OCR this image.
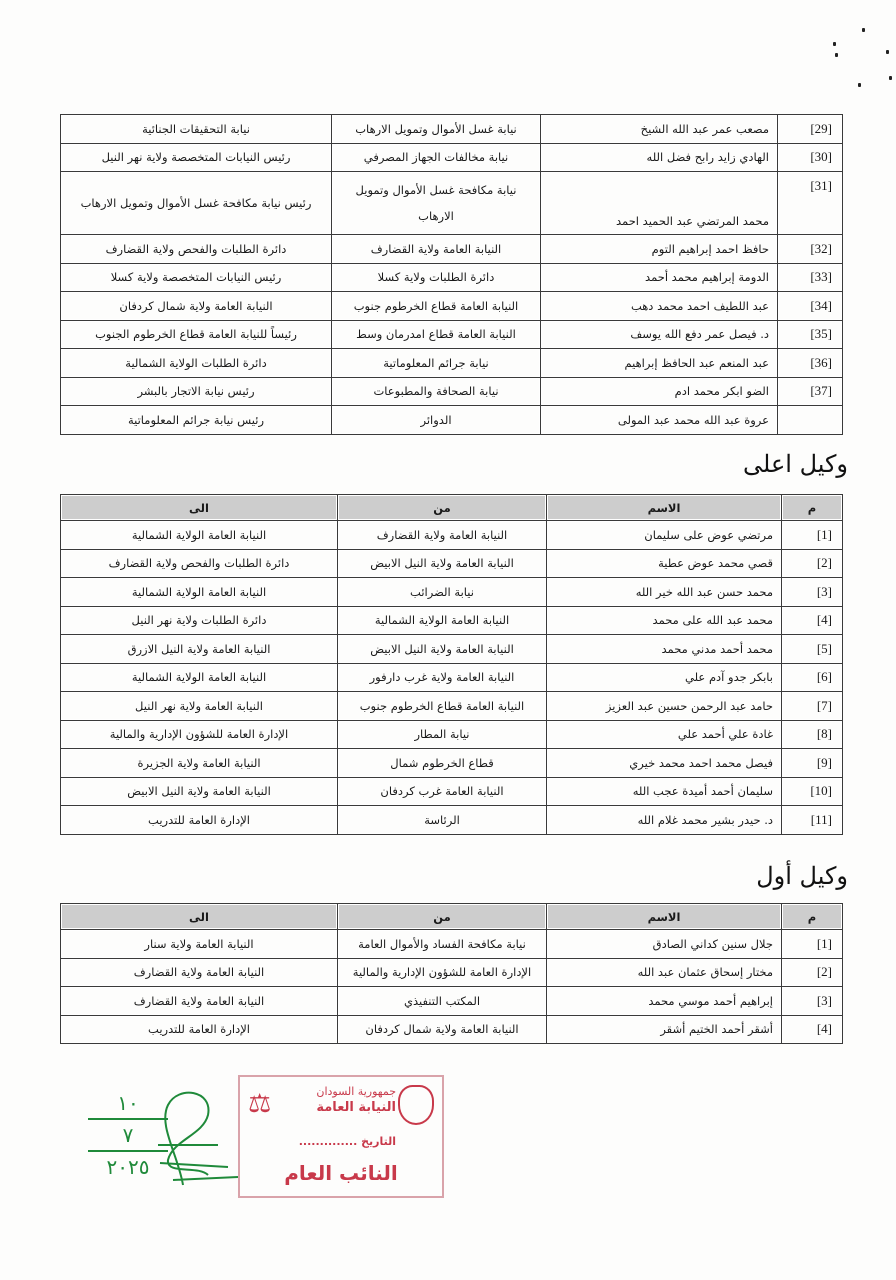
[29]	مصعب عمر عبد الله الشيخ	نيابة غسل الأموال وتمويل الارهاب	نيابة التحقيقات الجنائية
[30]	الهادي زايد رابح فضل الله	نيابة مخالفات الجهاز المصرفي	رئيس النيابات المتخصصة ولاية نهر النيل
[31]	محمد المرتضي عبد الحميد احمد	نيابة مكافحة غسل الأموال وتمويل الارهاب	رئيس نيابة مكافحة غسل الأموال وتمويل الارهاب
[32]	حافظ احمد إبراهيم التوم	النيابة العامة ولاية القضارف	دائرة الطلبات والفحص ولاية القضارف
[33]	الدومة إبراهيم محمد أحمد	دائرة الطلبات ولاية كسلا	رئيس النيابات المتخصصة ولاية كسلا
[34]	عبد اللطيف احمد محمد دهب	النيابة العامة قطاع الخرطوم جنوب	النيابة العامة ولاية شمال كردفان
[35]	د. فيصل عمر دفع الله يوسف	النيابة العامة قطاع امدرمان وسط	رئيساً للنيابة العامة قطاع الخرطوم الجنوب
[36]	عبد المنعم عبد الحافظ إبراهيم	نيابة جرائم المعلوماتية	دائرة الطلبات الولاية الشمالية
[37]	الضو ابكر محمد ادم	نيابة الصحافة والمطبوعات	رئيس نيابة الاتجار بالبشر
	عروة عبد الله محمد عبد المولى	الدوائر	رئيس نيابة جرائم المعلوماتية
وكيل اعلى
م	الاسم	من	الى
[1]	مرتضي عوض على سليمان	النيابة العامة ولاية القضارف	النيابة العامة الولاية الشمالية
[2]	قصي محمد عوض عطية	النيابة العامة ولاية النيل الابيض	دائرة الطلبات والفحص ولاية القضارف
[3]	محمد حسن عبد الله خير الله	نيابة الضرائب	النيابة العامة الولاية الشمالية
[4]	محمد عبد الله على محمد	النيابة العامة الولاية الشمالية	دائرة الطلبات ولاية نهر النيل
[5]	محمد أحمد مدني محمد	النيابة العامة ولاية النيل الابيض	النيابة العامة ولاية النيل الازرق
[6]	بابكر جدو آدم علي	النيابة العامة ولاية غرب دارفور	النيابة العامة الولاية الشمالية
[7]	حامد عبد الرحمن حسين عبد العزيز	النيابة العامة قطاع الخرطوم جنوب	النيابة العامة ولاية نهر النيل
[8]	غادة علي أحمد علي	نيابة المطار	الإدارة العامة للشؤون الإدارية والمالية
[9]	فيصل محمد احمد محمد خيري	قطاع الخرطوم شمال	النيابة العامة ولاية الجزيرة
[10]	سليمان أحمد أميدة عجب الله	النيابة العامة غرب كردفان	النيابة العامة ولاية النيل الابيض
[11]	د. حيدر بشير محمد غلام الله	الرئاسة	الإدارة العامة للتدريب
وكيل أول
م	الاسم	من	الى
[1]	جلال سنين كداني الصادق	نيابة مكافحة الفساد والأموال العامة	النيابة العامة ولاية سنار
[2]	مختار إسحاق عثمان عبد الله	الإدارة العامة للشؤون الإدارية والمالية	النيابة العامة ولاية القضارف
[3]	إبراهيم أحمد موسي محمد	المكتب التنفيذي	النيابة العامة ولاية القضارف
[4]	أشقر أحمد الختيم أشقر	النيابة العامة ولاية شمال كردفان	الإدارة العامة للتدريب
١٠
٧
٢٠٢٥
⚖	جمهورية السودان
النيابة العامة
التاريخ ..............
النائب العام
